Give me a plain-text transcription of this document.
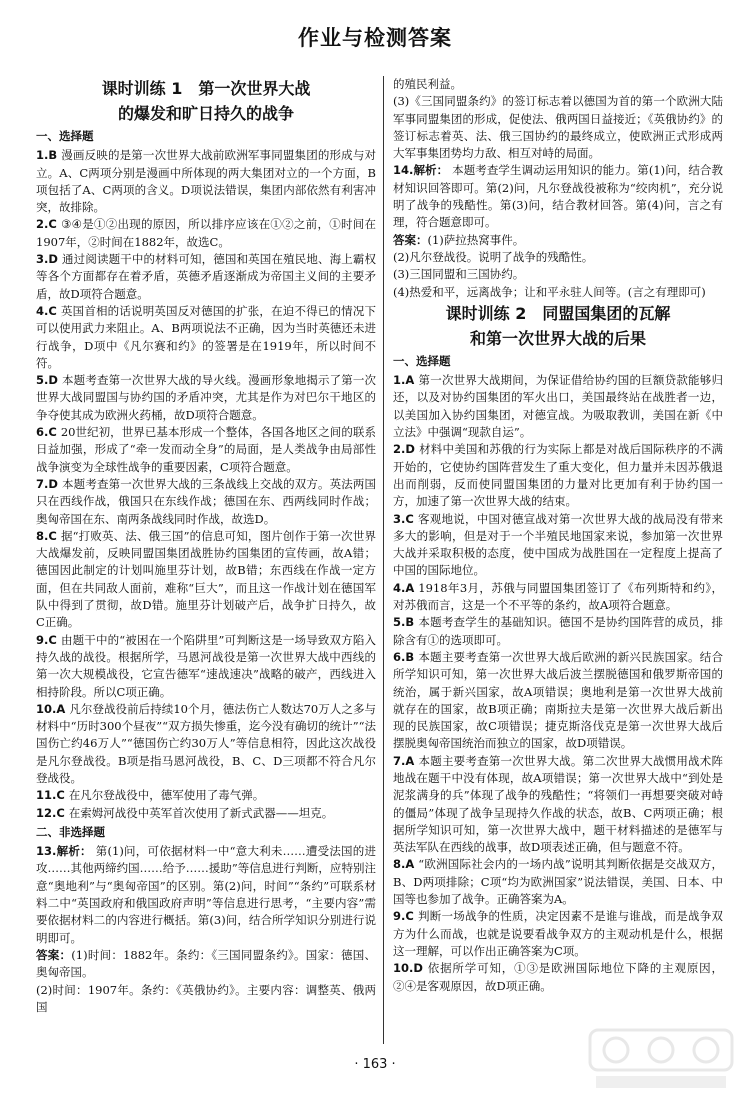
作业与检测答案

课时训练 1　第一次世界大战

的爆发和旷日持久的战争

一、选择题
1.B 漫画反映的是第一次世界大战前欧洲军事同盟集团的形成与对立。A、C两项分别是漫画中所体现的两大集团对立的一个方面，B项包括了A、C两项的含义。D项说法错误，集团内部依然有利害冲突，故排除。
2.C ③④是①②出现的原因，所以排序应该在①②之前，①时间在1907年，②时间在1882年，故选C。
3.D 通过阅读题干中的材料可知，德国和英国在殖民地、海上霸权等各个方面都存在着矛盾，英德矛盾逐渐成为帝国主义间的主要矛盾，故D项符合题意。
4.C 英国首相的话说明英国反对德国的扩张，在迫不得已的情况下可以使用武力来阻止。A、B两项说法不正确，因为当时英德还未进行战争，D项中《凡尔赛和约》的签署是在1919年，所以时间不符。
5.D 本题考查第一次世界大战的导火线。漫画形象地揭示了第一次世界大战同盟国与协约国的矛盾冲突，尤其是作为对巴尔干地区的争夺使其成为欧洲火药桶，故D项符合题意。
6.C 20世纪初，世界已基本形成一个整体，各国各地区之间的联系日益加强，形成了“牵一发而动全身”的局面，是人类战争由局部性战争演变为全球性战争的重要因素，C项符合题意。
7.D 本题考查第一次世界大战的三条战线上交战的双方。英法两国只在西线作战，俄国只在东线作战；德国在东、西两线同时作战；奥匈帝国在东、南两条战线同时作战，故选D。
8.C 据“打败英、法、俄三国”的信息可知，图片创作于第一次世界大战爆发前，反映同盟国集团战胜协约国集团的宣传画，故A错；德国因此制定的计划叫施里芬计划，故B错；东西线在作战一定方面，但在共同敌人面前，难称“巨大”，而且这一作战计划在德国军队中得到了贯彻，故D错。施里芬计划破产后，战争扩日持久，故C正确。
9.C 由题干中的“被困在一个陷阱里”可判断这是一场导致双方陷入持久战的战役。根据所学，马恩河战役是第一次世界大战中西线的第一次大规模战役，它宣告德军“速战速决”战略的破产，西线进入相持阶段。所以C项正确。
10.A 凡尔登战役前后持续10个月，德法伤亡人数达70万人之多与材料中“历时300个昼夜”“双方损失惨重，迄今没有确切的统计”“法国伤亡约46万人”“德国伤亡约30万人”等信息相符，因此这次战役是凡尔登战役。B项是指马恩河战役，B、C、D三项都不符合凡尔登战役。
11.C 在凡尔登战役中，德军使用了毒气弹。
12.C 在索姆河战役中英军首次使用了新式武器——坦克。
二、非选择题
13.解析： 第(1)问，可依据材料一中“意大利未……遭受法国的进攻……其他两缔约国……给予……援助”等信息进行判断，应特别注意“奥地利”与“奥匈帝国”的区别。第(2)问，时间”“条约”可联系材料二中“英国政府和俄国政府声明”等信息进行思考，“主要内容”需要依据材料二的内容进行概括。第(3)问，结合所学知识分别进行说明即可。
答案：(1)时间：1882年。条约：《三国同盟条约》。国家：德国、奥匈帝国。
(2)时间：1907年。条约：《英俄协约》。主要内容：调整英、俄两国
的殖民利益。
(3)《三国同盟条约》的签订标志着以德国为首的第一个欧洲大陆军事同盟集团的形成，促使法、俄两国日益接近；《英俄协约》的签订标志着英、法、俄三国协约的最终成立，使欧洲正式形成两大军事集团势均力敌、相互对峙的局面。
14.解析： 本题考查学生调动运用知识的能力。第(1)问，结合教材知识回答即可。第(2)问，凡尔登战役被称为“绞肉机”，充分说明了战争的残酷性。第(3)问，结合教材回答。第(4)问，言之有理，符合题意即可。
答案：(1)萨拉热窝事件。
(2)凡尔登战役。说明了战争的残酷性。
(3)三国同盟和三国协约。
(4)热爱和平，远离战争；让和平永驻人间等。(言之有理即可)

课时训练 2　同盟国集团的瓦解

和第一次世界大战的后果

一、选择题
1.A 第一次世界大战期间，为保证借给协约国的巨额贷款能够归还，以及对协约国集团的军火出口，美国最终站在战胜者一边，以美国加入协约国集团，对德宣战。为吸取教训，美国在新《中立法》中强调“现款自运”。
2.D 材料中美国和苏俄的行为实际上都是对战后国际秩序的不满开始的，它使协约国阵营发生了重大变化，但力量并未因苏俄退出而削弱，反而使同盟国集团的力量对比更加有利于协约国一方，加速了第一次世界大战的结束。
3.C 客观地说，中国对德宣战对第一次世界大战的战局没有带来多大的影响，但是对于一个半殖民地国家来说，参加第一次世界大战并采取积极的态度，使中国成为战胜国在一定程度上提高了中国的国际地位。
4.A 1918年3月，苏俄与同盟国集团签订了《布列斯特和约》，对苏俄而言，这是一个不平等的条约，故A项符合题意。
5.B 本题考查学生的基础知识。德国不是协约国阵营的成员，排除含有①的选项即可。
6.B 本题主要考查第一次世界大战后欧洲的新兴民族国家。结合所学知识可知，第一次世界大战后波兰摆脱德国和俄罗斯帝国的统治，属于新兴国家，故A项错误；奥地利是第一次世界大战前就存在的国家，故B项正确；南斯拉夫是第一次世界大战后新出现的民族国家，故C项错误；捷克斯洛伐克是第一次世界大战后摆脱奥匈帝国统治而独立的国家，故D项错误。
7.A 本题主要考查第一次世界大战。第二次世界大战惯用战术阵地战在题干中没有体现，故A项错误；第一次世界大战中“到处是泥浆满身的兵”体现了战争的残酷性；“将领们一再想要突破对峙的僵局”体现了战争呈现持久作战的状态，故B、C两项正确；根据所学知识可知，第一次世界大战中，题干材料描述的是德军与英法军队在西线的战事，故D项表述正确，但与题意不符。
8.A “欧洲国际社会内的一场内战”说明其判断依据是交战双方，B、D两项排除；C项“均为欧洲国家”说法错误，美国、日本、中国等也参加了战争。正确答案为A。
9.C 判断一场战争的性质，决定因素不是谁与谁战，而是战争双方为什么而战，也就是说要看战争双方的主观动机是什么，根据这一理解，可以作出正确答案为C项。
10.D 依据所学可知，①③是欧洲国际地位下降的主观原因，②④是客观原因，故D项正确。
· 163 ·
